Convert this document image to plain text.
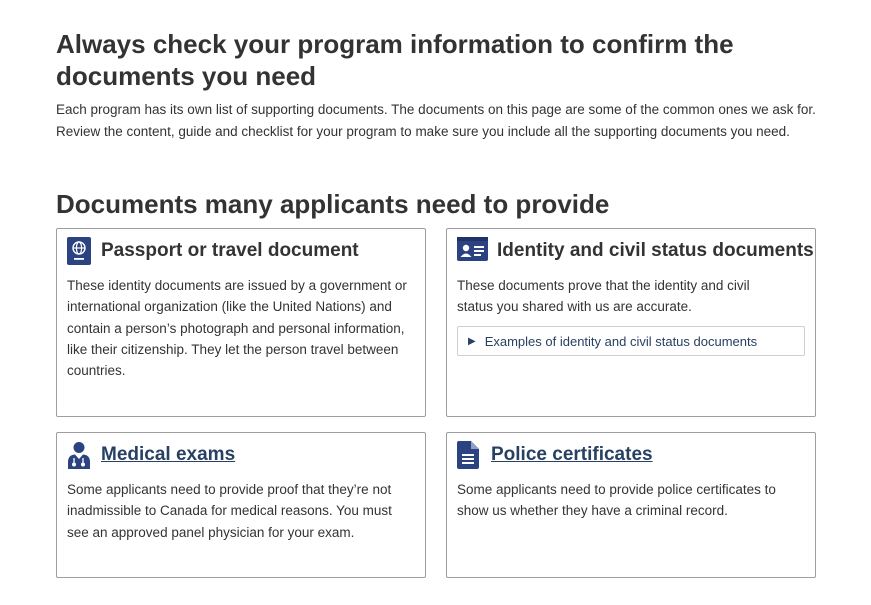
Always check your program information to confirm the documents you need

Each program has its own list of supporting documents. The documents on this page are some of the common ones we ask for. Review the content, guide and checklist for your program to make sure you include all the supporting documents you need.

Documents many applicants need to provide
Passport or travel document

These identity documents are issued by a government or international organization (like the United Nations) and contain a person’s photograph and personal information, like their citizenship. They let the person travel between countries.

Identity and civil status documents

These documents prove that the identity and civil status you shared with us are accurate.

▶ Examples of identity and civil status documents
Medical exams

Some applicants need to provide proof that they’re not inadmissible to Canada for medical reasons. You must see an approved panel physician for your exam.

Police certificates

Some applicants need to provide police certificates to show us whether they have a criminal record.
